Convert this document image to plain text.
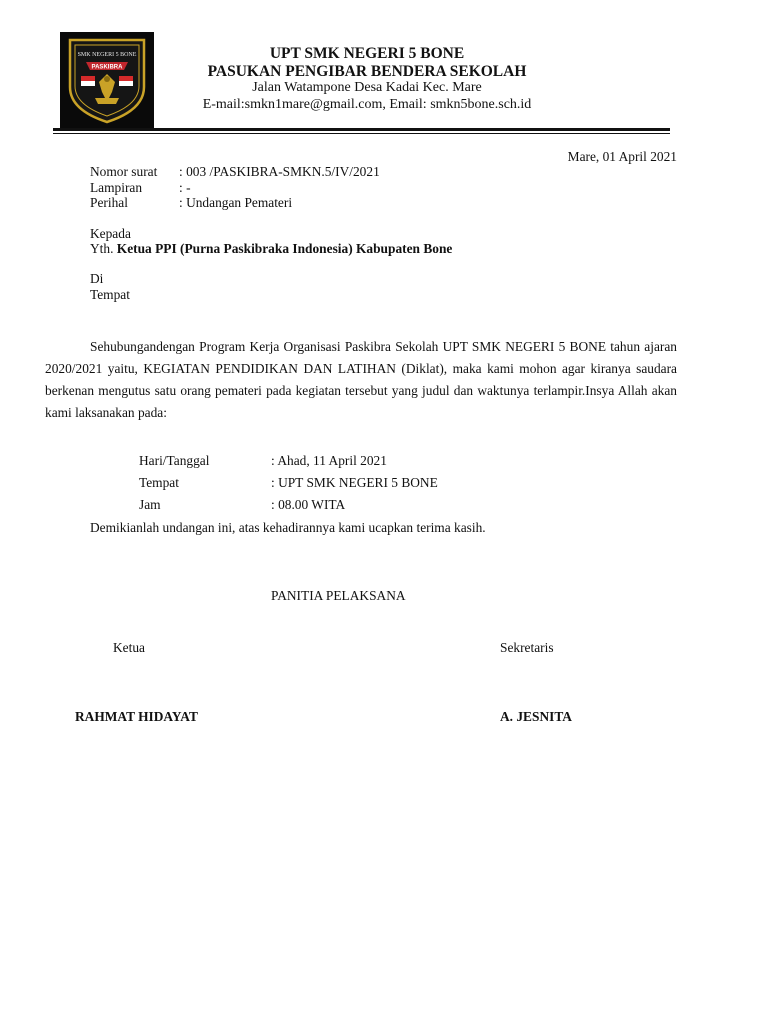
SMK NEGERI 5 BONE
PASKIBRA
UPT SMK NEGERI 5 BONE
PASUKAN PENGIBAR BENDERA SEKOLAH
Jalan Watampone Desa Kadai Kec. Mare
E-mail:smkn1mare@gmail.com, Email: smkn5bone.sch.id
Mare, 01 April 2021
Nomor surat : 003 /PASKIBRA-SMKN.5/IV/2021
Lampiran	: -
Perihal	: Undangan Pemateri
Kepada
Yth. Ketua PPI (Purna Paskibraka Indonesia) Kabupaten Bone
Di
Tempat

Sehubungandengan Program Kerja Organisasi Paskibra Sekolah UPT SMK NEGERI 5 BONE tahun ajaran 2020/2021 yaitu, KEGIATAN PENDIDIKAN DAN LATIHAN (Diklat), maka kami mohon agar kiranya saudara berkenan mengutus satu orang pemateri pada kegiatan tersebut yang judul dan waktunya terlampir.Insya Allah akan kami laksanakan pada:

Hari/Tanggal	: Ahad, 11 April 2021
Tempat	: UPT SMK NEGERI 5 BONE
Jam	: 08.00 WITA
Demikianlah undangan ini, atas kehadirannya kami ucapkan terima kasih.
PANITIA PELAKSANA
Ketua	Sekretaris
RAHMAT HIDAYAT	A. JESNITA
